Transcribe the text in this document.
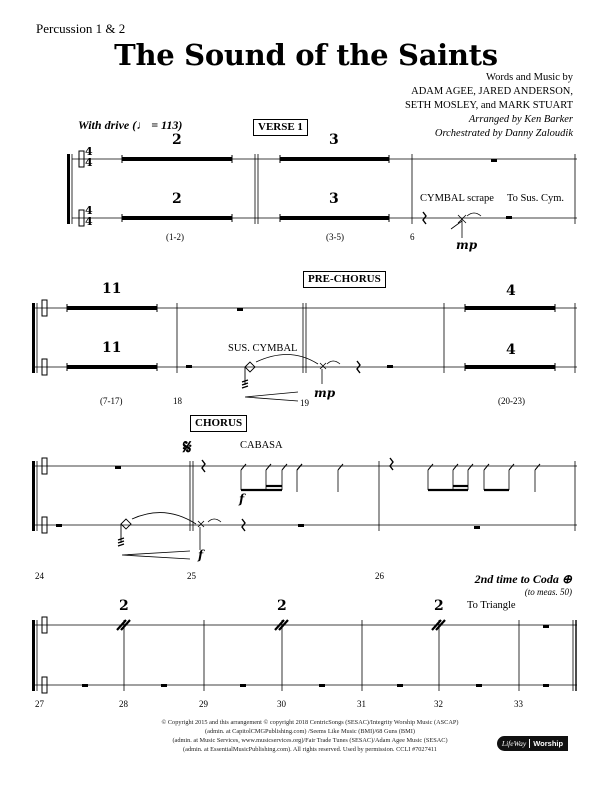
Percussion 1 & 2
The Sound of the Saints
Words and Music by
ADAM AGEE, JARED ANDERSON,
SETH MOSLEY, and MARK STUART
Arranged by Ken Barker
Orchestrated by Danny Zaloudik
With drive (♩ = 113)
4
4
4
4
VERSE 1
2
2
(1-2)
3
3
(3-5)	6
CYMBAL scrape To Sus. Cym.
mp
PRE-CHORUS
11
11
(7-17)	18	19
SUS. CYMBAL
mp
4
4
(20-23)
CHORUS
𝄋	CABASA
f
f
24	25	26	2nd time to Coda ⊕
(to meas. 50)
2	2	2 To Triangle
27	28	29	30	31	32	33
© Copyright 2015 and this arrangement © copyright 2018 CentricSongs (SESAC)/Integrity Worship Music (ASCAP)
(admin. at CapitolCMGPublishing.com) /Seems Like Music (BMI)/68 Guns (BMI)
(admin. at Music Services, www.musicservices.org)/Fair Trade Tunes (SESAC)/Adam Agee Music (SESAC)
(admin. at EssentialMusicPublishing.com). All rights reserved. Used by permission. CCLI #7027411
LifeWay Worship
